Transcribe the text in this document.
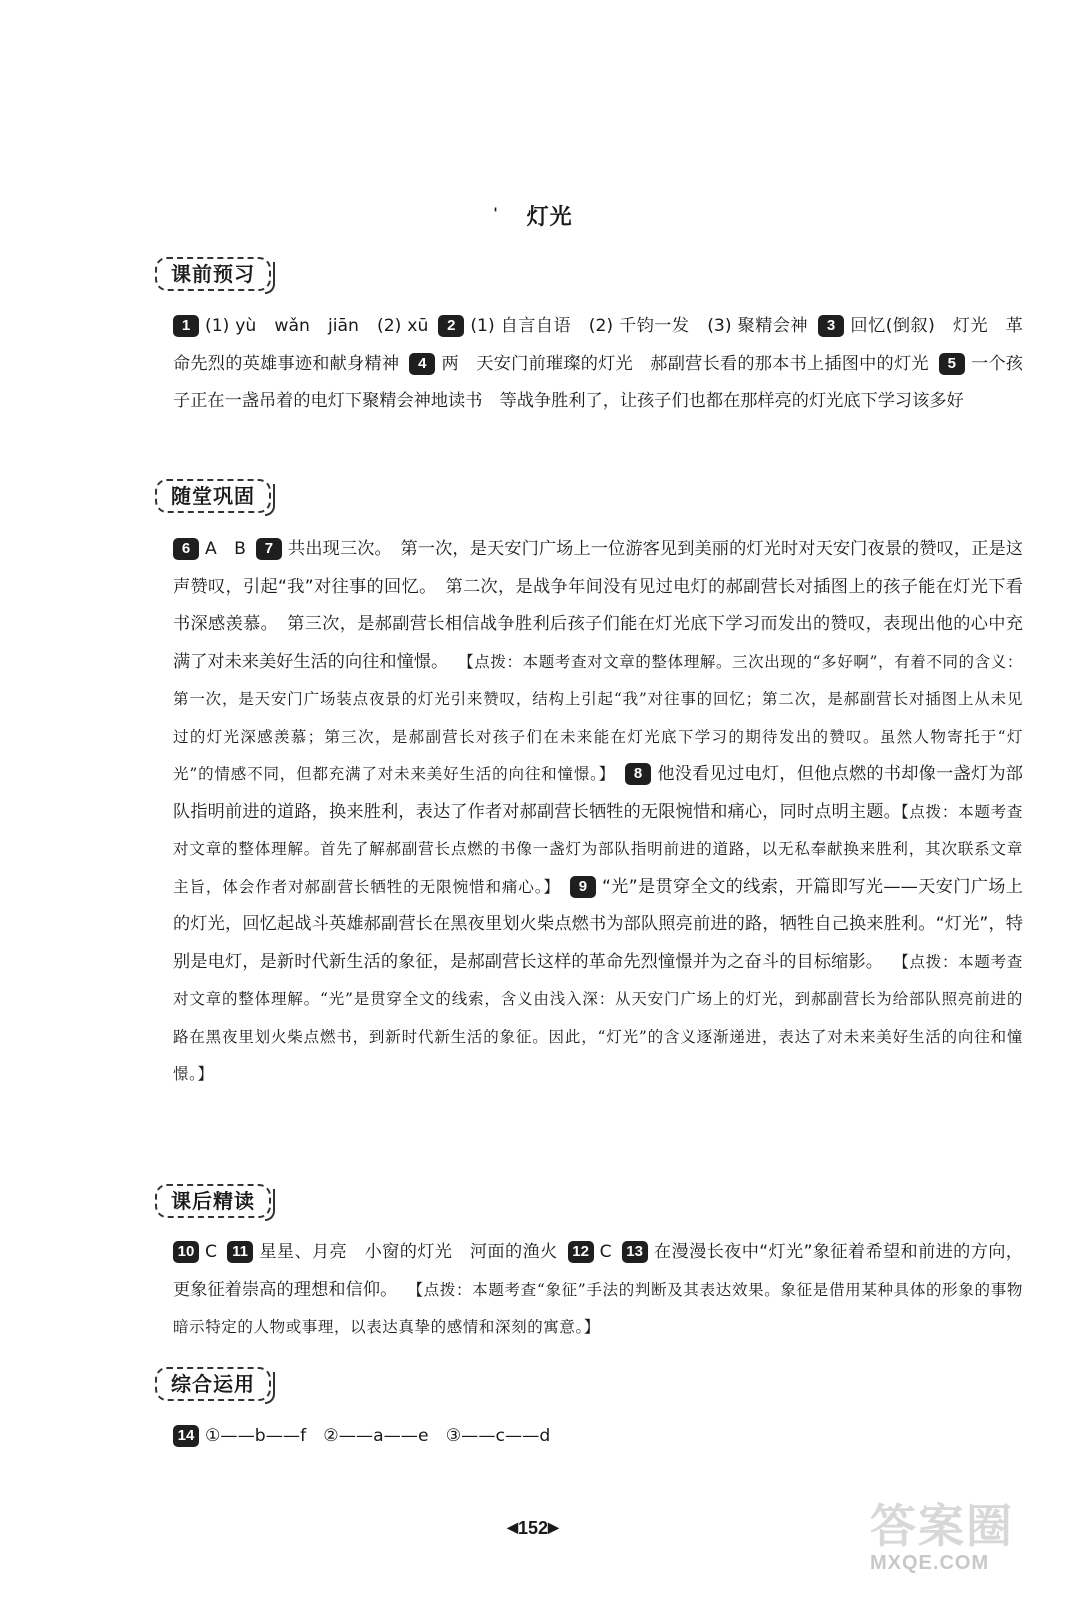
' 灯光
课前预习
1 (1) yù　wǎn　jiān　(2) xū 2 (1) 自言自语　(2) 千钧一发　(3) 聚精会神 3 回忆(倒叙)　灯光　革命先烈的英雄事迹和献身精神 4 两　天安门前璀璨的灯光　郝副营长看的那本书上插图中的灯光 5 一个孩子正在一盏吊着的电灯下聚精会神地读书　等战争胜利了，让孩子们也都在那样亮的灯光底下学习该多好
随堂巩固
6 A　B 7 共出现三次。　第一次，是天安门广场上一位游客见到美丽的灯光时对天安门夜景的赞叹，正是这声赞叹，引起“我”对往事的回忆。　第二次，是战争年间没有见过电灯的郝副营长对插图上的孩子能在灯光下看书深感羡慕。　第三次，是郝副营长相信战争胜利后孩子们能在灯光底下学习而发出的赞叹，表现出他的心中充满了对未来美好生活的向往和憧憬。 【点拨：本题考查对文章的整体理解。三次出现的“多好啊”，有着不同的含义：第一次，是天安门广场装点夜景的灯光引来赞叹，结构上引起“我”对往事的回忆；第二次，是郝副营长对插图上从未见过的灯光深感羡慕；第三次，是郝副营长对孩子们在未来能在灯光底下学习的期待发出的赞叹。虽然人物寄托于“灯光”的情感不同，但都充满了对未来美好生活的向往和憧憬。】 8 他没看见过电灯，但他点燃的书却像一盏灯为部队指明前进的道路，换来胜利，表达了作者对郝副营长牺牲的无限惋惜和痛心，同时点明主题。【点拨：本题考查对文章的整体理解。首先了解郝副营长点燃的书像一盏灯为部队指明前进的道路，以无私奉献换来胜利，其次联系文章主旨，体会作者对郝副营长牺牲的无限惋惜和痛心。】 9 “光”是贯穿全文的线索，开篇即写光——天安门广场上的灯光，回忆起战斗英雄郝副营长在黑夜里划火柴点燃书为部队照亮前进的路，牺牲自己换来胜利。“灯光”，特别是电灯，是新时代新生活的象征，是郝副营长这样的革命先烈憧憬并为之奋斗的目标缩影。 【点拨：本题考查对文章的整体理解。“光”是贯穿全文的线索，含义由浅入深：从天安门广场上的灯光，到郝副营长为给部队照亮前进的路在黑夜里划火柴点燃书，到新时代新生活的象征。因此，“灯光”的含义逐渐递进，表达了对未来美好生活的向往和憧憬。】
课后精读
10 C 11 星星、月亮　小窗的灯光　河面的渔火 12 C 13 在漫漫长夜中“灯光”象征着希望和前进的方向，更象征着崇高的理想和信仰。 【点拨：本题考查“象征”手法的判断及其表达效果。象征是借用某种具体的形象的事物暗示特定的人物或事理，以表达真挚的感情和深刻的寓意。】
综合运用
14 ①——b——f　②——a——e　③——c——d
◀152▶	答案圈
MXQE.COM
